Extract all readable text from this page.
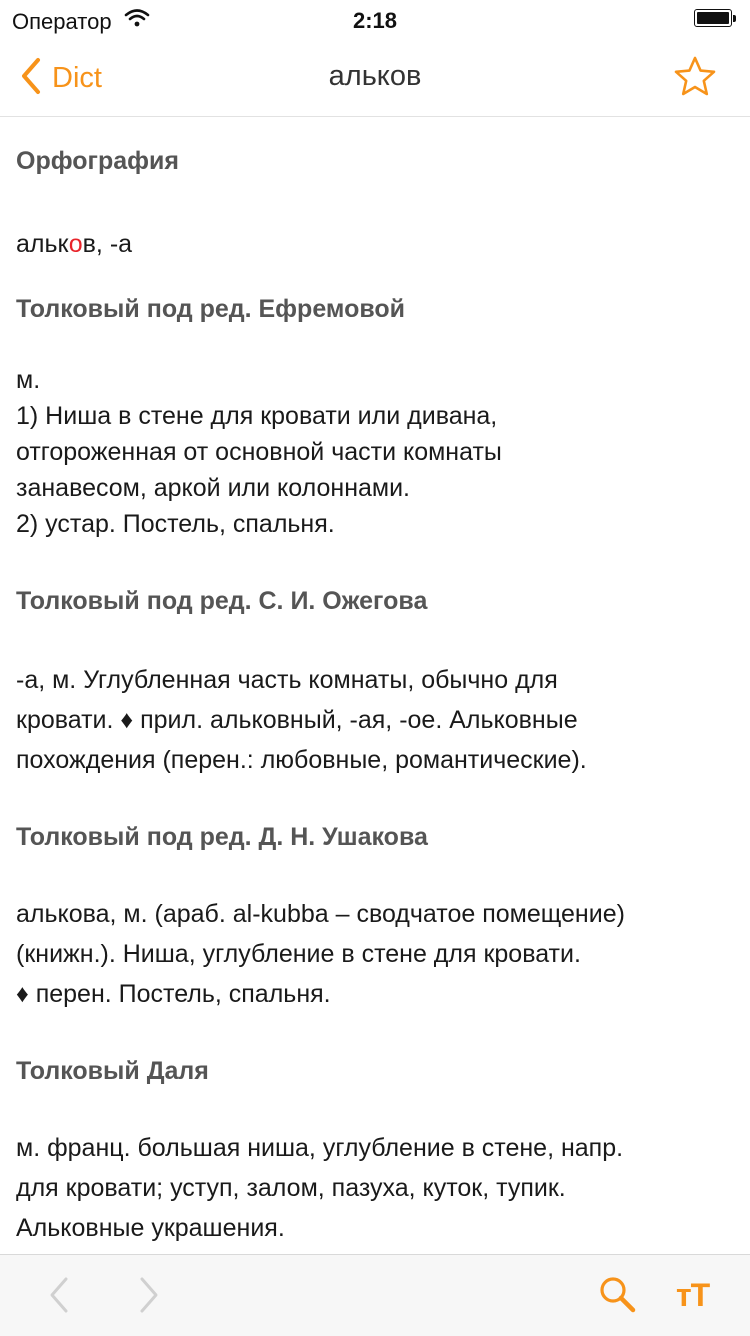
Оператор	2:18
Dict	альков
Орфография

альков, -а

Толковый под ред. Ефремовой

м.

1) Ниша в стене для кровати или дивана,

отгороженная от основной части комнаты

занавесом, аркой или колоннами.

2) устар. Постель, спальня.

Толковый под ред. С. И. Ожегова

-а, м. Углубленная часть комнаты, обычно для

кровати. ♦ прил. альковный, -ая, -ое. Альковные

похождения (перен.: любовные, романтические).

Толковый под ред. Д. Н. Ушакова

алькова, м. (араб. al-kubba – сводчатое помещение)

(книжн.). Ниша, углубление в стене для кровати.

♦ перен. Постель, спальня.

Толковый Даля

м. франц. большая ниша, углубление в стене, напр.

для кровати; уступ, залом, пазуха, куток, тупик.

Альковные украшения.

тТ
